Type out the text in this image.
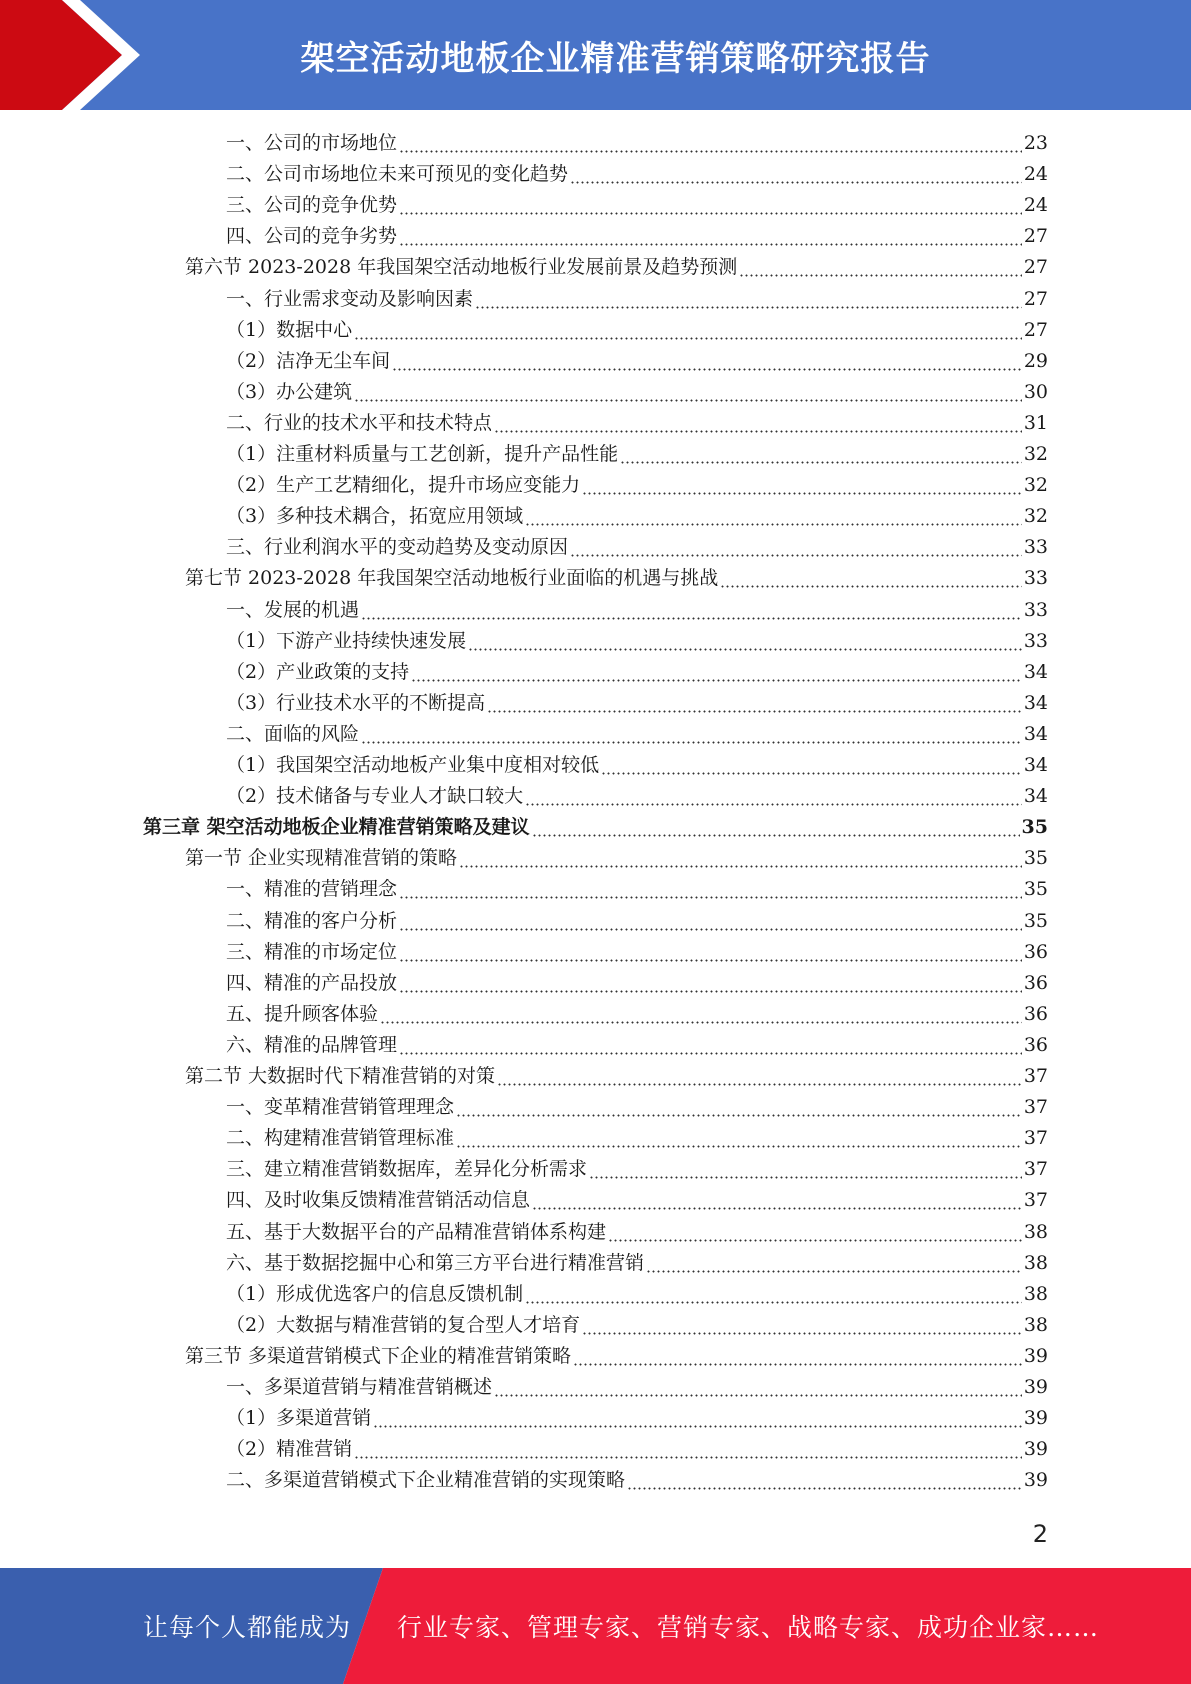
架空活动地板企业精准营销策略研究报告
一、公司的市场地位	23
二、公司市场地位未来可预见的变化趋势	24
三、公司的竞争优势	24
四、公司的竞争劣势	27
第六节 2023-2028 年我国架空活动地板行业发展前景及趋势预测	27
一、行业需求变动及影响因素	27
（1）数据中心	27
（2）洁净无尘车间	29
（3）办公建筑	30
二、行业的技术水平和技术特点	31
（1）注重材料质量与工艺创新，提升产品性能	32
（2）生产工艺精细化，提升市场应变能力	32
（3）多种技术耦合，拓宽应用领域	32
三、行业利润水平的变动趋势及变动原因	33
第七节 2023-2028 年我国架空活动地板行业面临的机遇与挑战	33
一、发展的机遇	33
（1）下游产业持续快速发展	33
（2）产业政策的支持	34
（3）行业技术水平的不断提高	34
二、面临的风险	34
（1）我国架空活动地板产业集中度相对较低	34
（2）技术储备与专业人才缺口较大	34
第三章 架空活动地板企业精准营销策略及建议	35
第一节 企业实现精准营销的策略	35
一、精准的营销理念	35
二、精准的客户分析	35
三、精准的市场定位	36
四、精准的产品投放	36
五、提升顾客体验	36
六、精准的品牌管理	36
第二节 大数据时代下精准营销的对策	37
一、变革精准营销管理理念	37
二、构建精准营销管理标准	37
三、建立精准营销数据库，差异化分析需求	37
四、及时收集反馈精准营销活动信息	37
五、基于大数据平台的产品精准营销体系构建	38
六、基于数据挖掘中心和第三方平台进行精准营销	38
（1）形成优选客户的信息反馈机制	38
（2）大数据与精准营销的复合型人才培育	38
第三节 多渠道营销模式下企业的精准营销策略	39
一、多渠道营销与精准营销概述	39
（1）多渠道营销	39
（2）精准营销	39
二、多渠道营销模式下企业精准营销的实现策略	39
2
让每个人都能成为 行业专家、管理专家、营销专家、战略专家、成功企业家……
